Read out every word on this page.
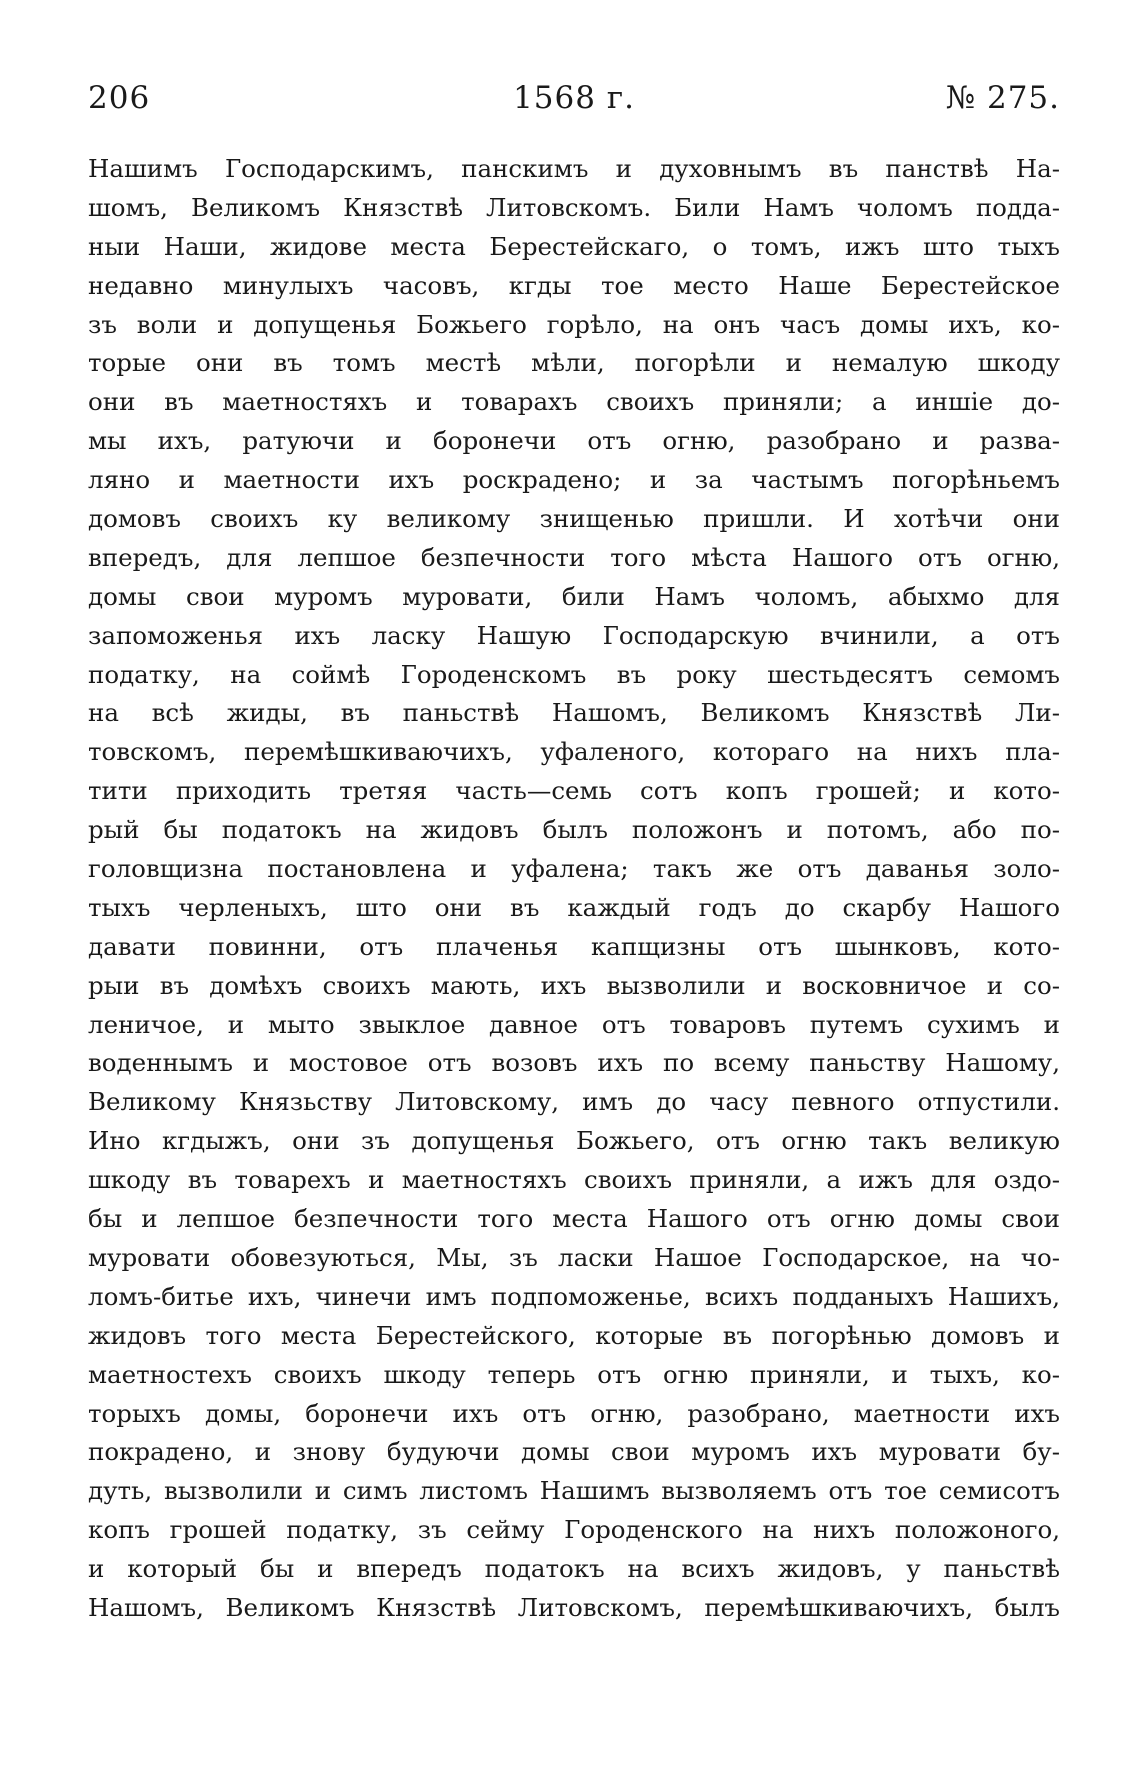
206	1568 г.	№ 275.
Нашимъ Господарскимъ, панскимъ и духовнымъ въ панствѣ На-
шомъ, Великомъ Князствѣ Литовскомъ. Били Намъ чоломъ подда-
ныи Наши, жидове места Берестейскаго, о томъ, ижъ што тыхъ
недавно минулыхъ часовъ, кгды тое место Наше Берестейское
зъ воли и допущенья Божьего горѣло, на онъ часъ домы ихъ, ко-
торые они въ томъ местѣ мѣли, погорѣли и немалую шкоду
они въ маетностяхъ и товарахъ своихъ приняли; а иншіе до-
мы ихъ, ратуючи и боронечи отъ огню, разобрано и разва-
ляно и маетности ихъ роскрадено; и за частымъ погорѣньемъ
домовъ своихъ ку великому знищенью пришли. И хотѣчи они
впередъ, для лепшое безпечности того мѣста Нашого отъ огню,
домы свои муромъ муровати, били Намъ чоломъ, абыхмо для
запоможенья ихъ ласку Нашую Господарскую вчинили, а отъ
податку, на соймѣ Городенскомъ въ року шестьдесятъ семомъ
на всѣ жиды, въ паньствѣ Нашомъ, Великомъ Князствѣ Ли-
товскомъ, перемѣшкиваючихъ, уфаленого, котораго на нихъ пла-
тити приходить третяя часть—семь сотъ копъ грошей; и кото-
рый бы податокъ на жидовъ былъ положонъ и потомъ, або по-
головщизна постановлена и уфалена; такъ же отъ даванья золо-
тыхъ черленыхъ, што они въ каждый годъ до скарбу Нашого
давати повинни, отъ плаченья капщизны отъ шынковъ, кото-
рыи въ домѣхъ своихъ мають, ихъ вызволили и восковничое и со-
леничое, и мыто звыклое давное отъ товаровъ путемъ сухимъ и
воденнымъ и мостовое отъ возовъ ихъ по всему паньству Нашому,
Великому Князьству Литовскому, имъ до часу певного отпустили.
Ино кгдыжъ, они зъ допущенья Божьего, отъ огню такъ великую
шкоду въ товарехъ и маетностяхъ своихъ приняли, а ижъ для оздо-
бы и лепшое безпечности того места Нашого отъ огню домы свои
муровати обовезуються, Мы, зъ ласки Нашое Господарское, на чо-
ломъ-битье ихъ, чинечи имъ подпоможенье, всихъ подданыхъ Нашихъ,
жидовъ того места Берестейского, которые въ погорѣнью домовъ и
маетностехъ своихъ шкоду теперь отъ огню приняли, и тыхъ, ко-
торыхъ домы, боронечи ихъ отъ огню, разобрано, маетности ихъ
покрадено, и знову будуючи домы свои муромъ ихъ муровати бу-
дуть, вызволили и симъ листомъ Нашимъ вызволяемъ отъ тое семисотъ
копъ грошей податку, зъ сейму Городенского на нихъ положоного,
и который бы и впередъ податокъ на всихъ жидовъ, у паньствѣ
Нашомъ, Великомъ Князствѣ Литовскомъ, перемѣшкиваючихъ, былъ
